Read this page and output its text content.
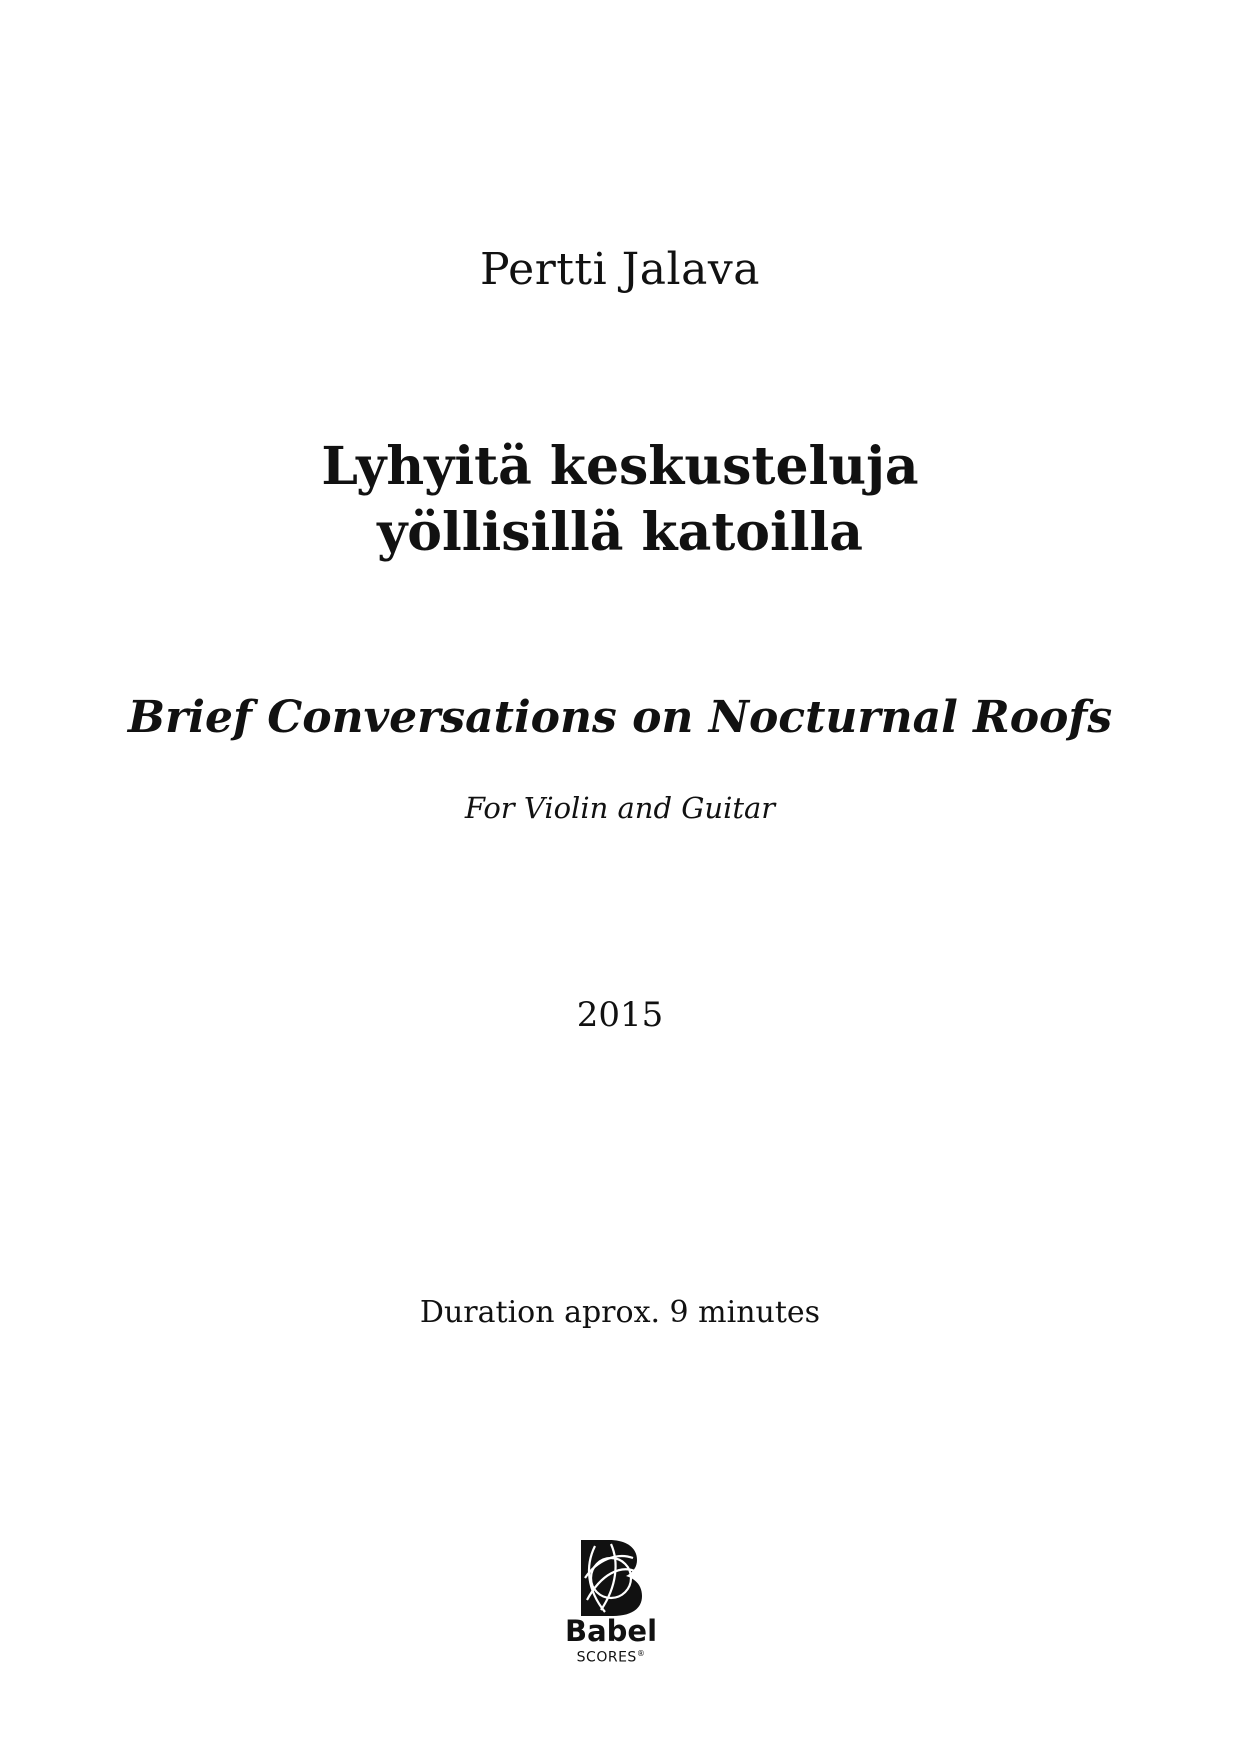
Pertti Jalava
Lyhyitä keskusteluja
yöllisillä katoilla
Brief Conversations on Nocturnal Roofs
For Violin and Guitar
2015
Duration aprox. 9 minutes
Babel
SCORES®
